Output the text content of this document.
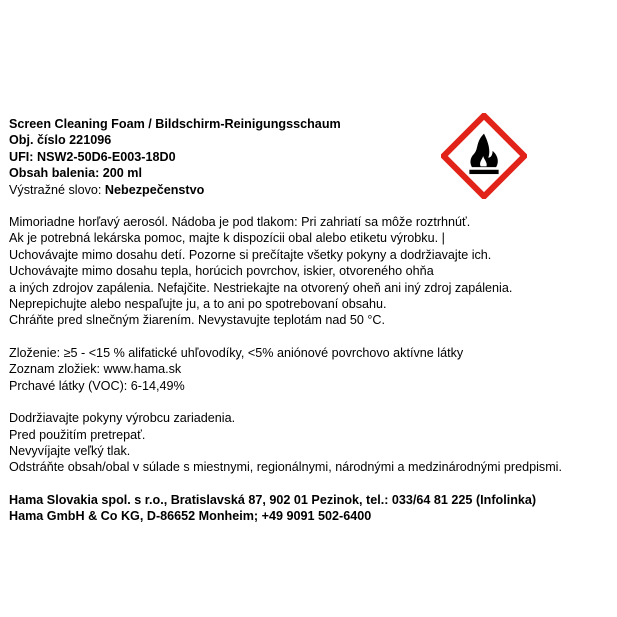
Screen Cleaning Foam / Bildschirm-Reinigungsschaum
Obj. číslo 221096
UFI: NSW2-50D6-E003-18D0
Obsah balenia: 200 ml
Výstražné slovo: Nebezpečenstvo
Mimoriadne horľavý aerosól. Nádoba je pod tlakom: Pri zahriatí sa môže roztrhnúť.
Ak je potrebná lekárska pomoc, majte k dispozícii obal alebo etiketu výrobku. |
Uchovávajte mimo dosahu detí. Pozorne si prečítajte všetky pokyny a dodržiavajte ich.
Uchovávajte mimo dosahu tepla, horúcich povrchov, iskier, otvoreného ohňa
a iných zdrojov zapálenia. Nefajčite. Nestriekajte na otvorený oheň ani iný zdroj zapálenia.
Neprepichujte alebo nespaľujte ju, a to ani po spotrebovaní obsahu.
Chráňte pred slnečným žiarením. Nevystavujte teplotám nad 50 °C.
Zloženie: ≥5 - <15 % alifatické uhľovodíky, <5% aniónové povrchovo aktívne látky
Zoznam zložiek: www.hama.sk
Prchavé látky (VOC): 6-14,49%
Dodržiavajte pokyny výrobcu zariadenia.
Pred použitím pretrepať.
Nevyvíjajte veľký tlak.
Odstráňte obsah/obal v súlade s miestnymi, regionálnymi, národnými a medzinárodnými predpismi.
Hama Slovakia spol. s r.o., Bratislavská 87, 902 01 Pezinok, tel.: 033/64 81 225 (Infolinka)
Hama GmbH & Co KG, D-86652 Monheim; +49 9091 502-6400
